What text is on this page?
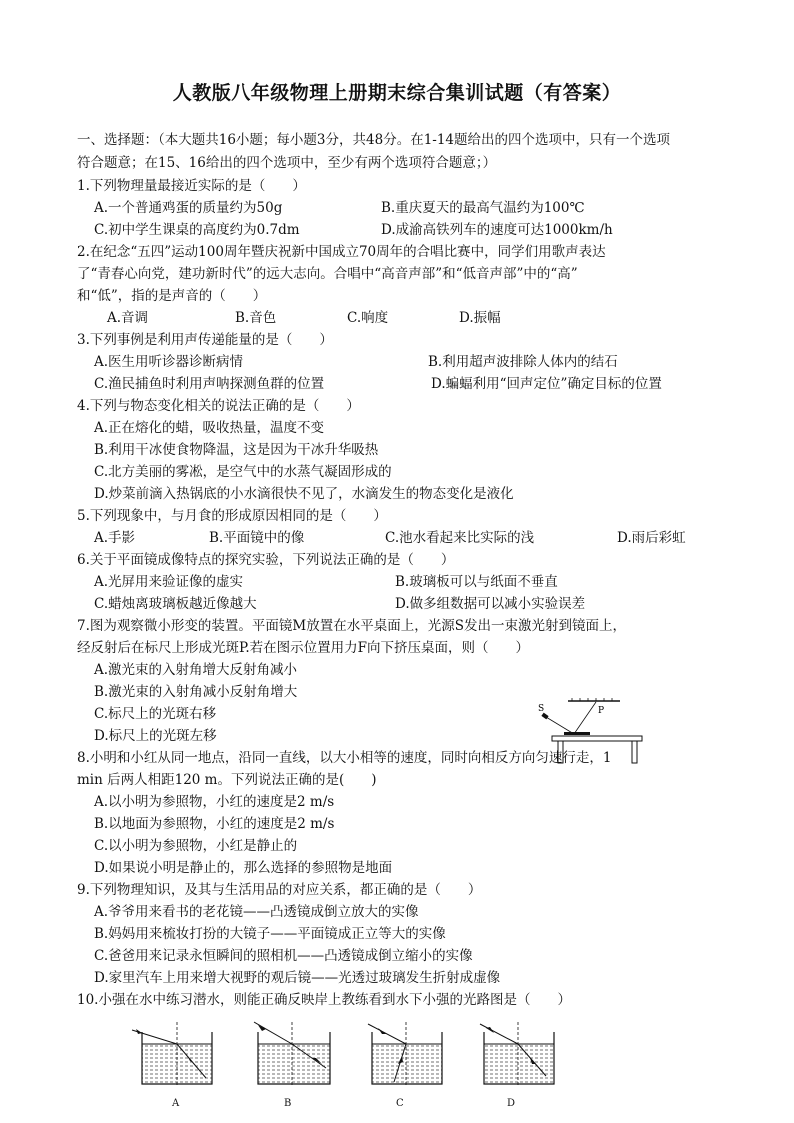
人教版八年级物理上册期末综合集训试题（有答案）
一、选择题：（本大题共16小题；每小题3分，共48分。在1-14题给出的四个选项中，只有一个选项
符合题意；在15、16给出的四个选项中，至少有两个选项符合题意；）
1.下列物理量最接近实际的是（　　）
A.一个普通鸡蛋的质量约为50g	B.重庆夏天的最高气温约为100℃
C.初中学生课桌的高度约为0.7dm	D.成渝高铁列车的速度可达1000km/h
2.在纪念“五四”运动100周年暨庆祝新中国成立70周年的合唱比赛中，同学们用歌声表达
了“青春心向党，建功新时代”的远大志向。合唱中“高音声部”和“低音声部”中的“高”
和“低”，指的是声音的（　　）
A.音调	B.音色	C.响度	D.振幅
3.下列事例是利用声传递能量的是（　　）
A.医生用听诊器诊断病情	B.利用超声波排除人体内的结石
C.渔民捕鱼时利用声呐探测鱼群的位置	D.蝙蝠利用“回声定位”确定目标的位置
4.下列与物态变化相关的说法正确的是（　　）
A.正在熔化的蜡，吸收热量，温度不变
B.利用干冰使食物降温，这是因为干冰升华吸热
C.北方美丽的雾凇，是空气中的水蒸气凝固形成的
D.炒菜前滴入热锅底的小水滴很快不见了，水滴发生的物态变化是液化
5.下列现象中，与月食的形成原因相同的是（　　）
A.手影	B.平面镜中的像	C.池水看起来比实际的浅	D.雨后彩虹
6.关于平面镜成像特点的探究实验，下列说法正确的是（　　）
A.光屏用来验证像的虚实	B.玻璃板可以与纸面不垂直
C.蜡烛离玻璃板越近像越大	D.做多组数据可以减小实验误差
7.图为观察微小形变的装置。平面镜M放置在水平桌面上，光源S发出一束激光射到镜面上，
经反射后在标尺上形成光斑P.若在图示位置用力F向下挤压桌面，则（　　）
A.激光束的入射角增大反射角减小
B.激光束的入射角减小反射角增大
C.标尺上的光斑右移
D.标尺上的光斑左移
S	P
8.小明和小红从同一地点，沿同一直线，以大小相等的速度，同时向相反方向匀速行走，1
min 后两人相距120 m。下列说法正确的是(　　)
A.以小明为参照物，小红的速度是2 m/s
B.以地面为参照物，小红的速度是2 m/s
C.以小明为参照物，小红是静止的
D.如果说小明是静止的，那么选择的参照物是地面
9.下列物理知识，及其与生活用品的对应关系，都正确的是（　　）
A.爷爷用来看书的老花镜——凸透镜成倒立放大的实像
B.妈妈用来梳妆打扮的大镜子——平面镜成正立等大的实像
C.爸爸用来记录永恒瞬间的照相机——凸透镜成倒立缩小的实像
D.家里汽车上用来增大视野的观后镜——光透过玻璃发生折射成虚像
10.小强在水中练习潜水，则能正确反映岸上教练看到水下小强的光路图是（　　）
A	B	C	D
